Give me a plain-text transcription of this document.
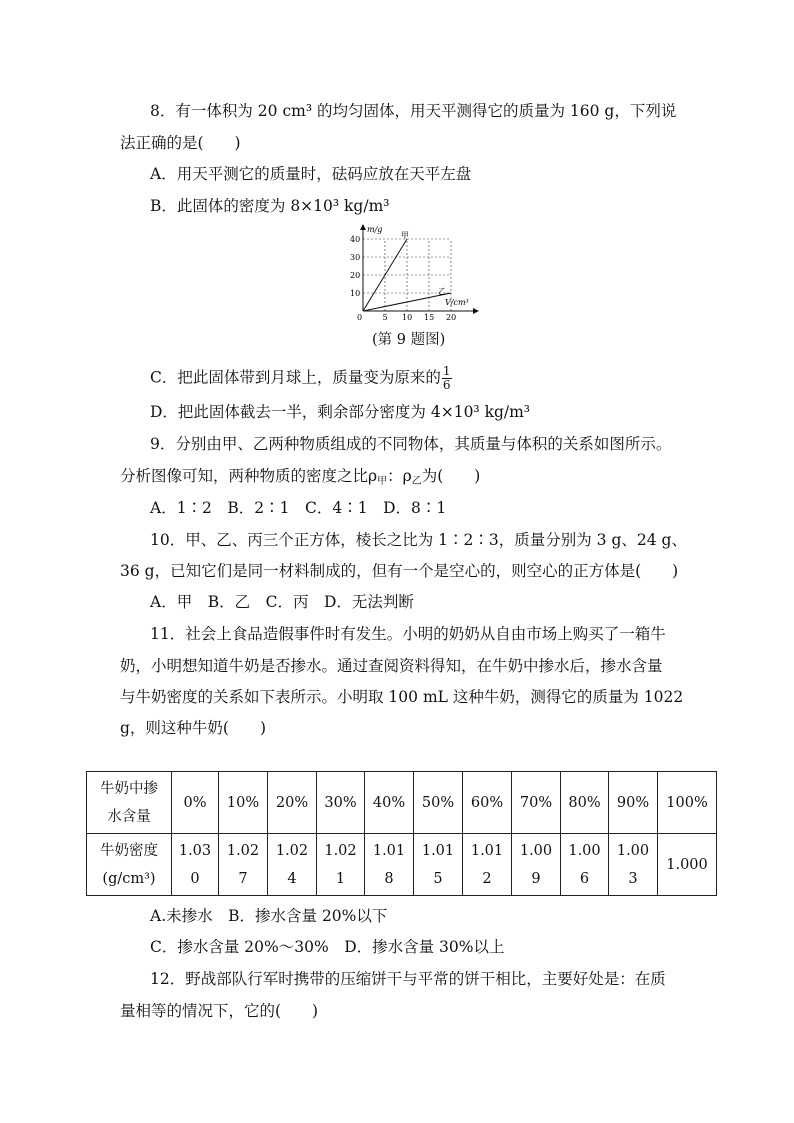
8．有一体积为 20 cm³ 的均匀固体，用天平测得它的质量为 160 g，下列说
法正确的是(　　)
A．用天平测它的质量时，砝码应放在天平左盘
B．此固体的密度为 8×10³ kg/m³
m/g
V/cm³
0
甲
乙
5 10 15 20
10
20
30
40
(第 9 题图)
C．把此固体带到月球上，质量变为原来的 $\frac{1}{6}$
D．把此固体截去一半，剩余部分密度为 4×10³ kg/m³
9．分别由甲、乙两种物质组成的不同物体，其质量与体积的关系如图所示。
分析图像可知，两种物质的密度之比$\rho_甲$：$\rho_乙$为(　　)
A．1∶2　B．2∶1　C．4∶1　D．8∶1
10．甲、乙、丙三个正方体，棱长之比为 1∶2∶3，质量分别为 3 g、24 g、
36 g，已知它们是同一材料制成的，但有一个是空心的，则空心的正方体是(　　)
A．甲　B．乙　C．丙　D．无法判断
11．社会上食品造假事件时有发生。小明的奶奶从自由市场上购买了一箱牛
奶，小明想知道牛奶是否掺水。通过查阅资料得知，在牛奶中掺水后，掺水含量
与牛奶密度的关系如下表所示。小明取 100 mL 这种牛奶，测得它的质量为 1022
g，则这种牛奶(　　)
牛奶中掺
水含量	0%	10%	20%	30%	40%	50%	60%	70%	80%	90%	100%
牛奶密度
(g/cm³)	1.03
0	1.02
7	1.02
4	1.02
1	1.01
8	1.01
5	1.01
2	1.00
9	1.00
6	1.00
3	1.000
A.未掺水　B．掺水含量 20%以下
C．掺水含量 20%～30%　D．掺水含量 30%以上
12．野战部队行军时携带的压缩饼干与平常的饼干相比，主要好处是：在质
量相等的情况下，它的(　　)
